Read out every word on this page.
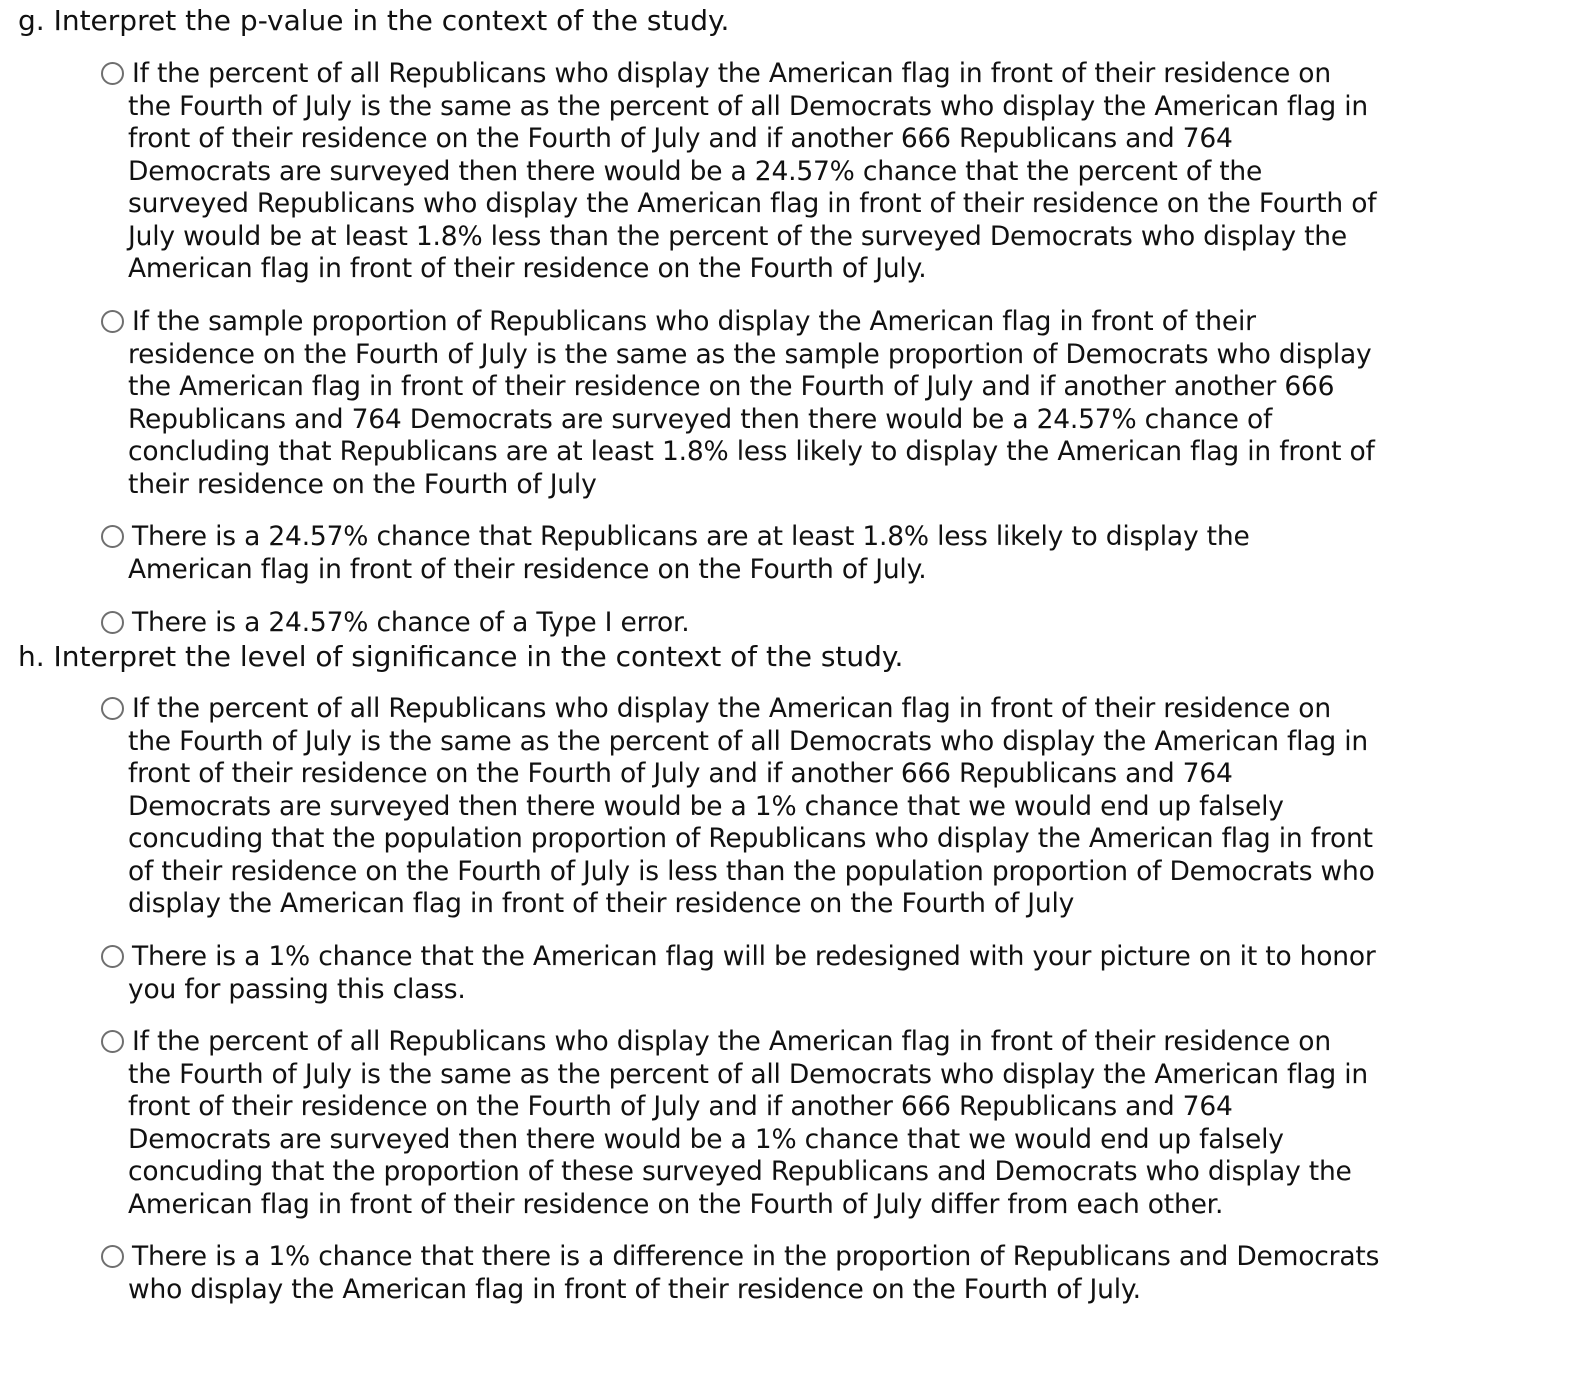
g. Interpret the p-value in the context of the study.
If the percent of all Republicans who display the American flag in front of their residence on the Fourth of July is the same as the percent of all Democrats who display the American flag in front of their residence on the Fourth of July and if another 666 Republicans and 764 Democrats are surveyed then there would be a 24.57% chance that the percent of the surveyed Republicans who display the American flag in front of their residence on the Fourth of July would be at least 1.8% less than the percent of the surveyed Democrats who display the American flag in front of their residence on the Fourth of July.
If the sample proportion of Republicans who display the American flag in front of their residence on the Fourth of July is the same as the sample proportion of Democrats who display the American flag in front of their residence on the Fourth of July and if another another 666 Republicans and 764 Democrats are surveyed then there would be a 24.57% chance of concluding that Republicans are at least 1.8% less likely to display the American flag in front of their residence on the Fourth of July
There is a 24.57% chance that Republicans are at least 1.8% less likely to display the American flag in front of their residence on the Fourth of July.
There is a 24.57% chance of a Type I error.
h. Interpret the level of significance in the context of the study.
If the percent of all Republicans who display the American flag in front of their residence on the Fourth of July is the same as the percent of all Democrats who display the American flag in front of their residence on the Fourth of July and if another 666 Republicans and 764 Democrats are surveyed then there would be a 1% chance that we would end up falsely concuding that the population proportion of Republicans who display the American flag in front of their residence on the Fourth of July is less than the population proportion of Democrats who display the American flag in front of their residence on the Fourth of July
There is a 1% chance that the American flag will be redesigned with your picture on it to honor you for passing this class.
If the percent of all Republicans who display the American flag in front of their residence on the Fourth of July is the same as the percent of all Democrats who display the American flag in front of their residence on the Fourth of July and if another 666 Republicans and 764 Democrats are surveyed then there would be a 1% chance that we would end up falsely concuding that the proportion of these surveyed Republicans and Democrats who display the American flag in front of their residence on the Fourth of July differ from each other.
There is a 1% chance that there is a difference in the proportion of Republicans and Democrats who display the American flag in front of their residence on the Fourth of July.
